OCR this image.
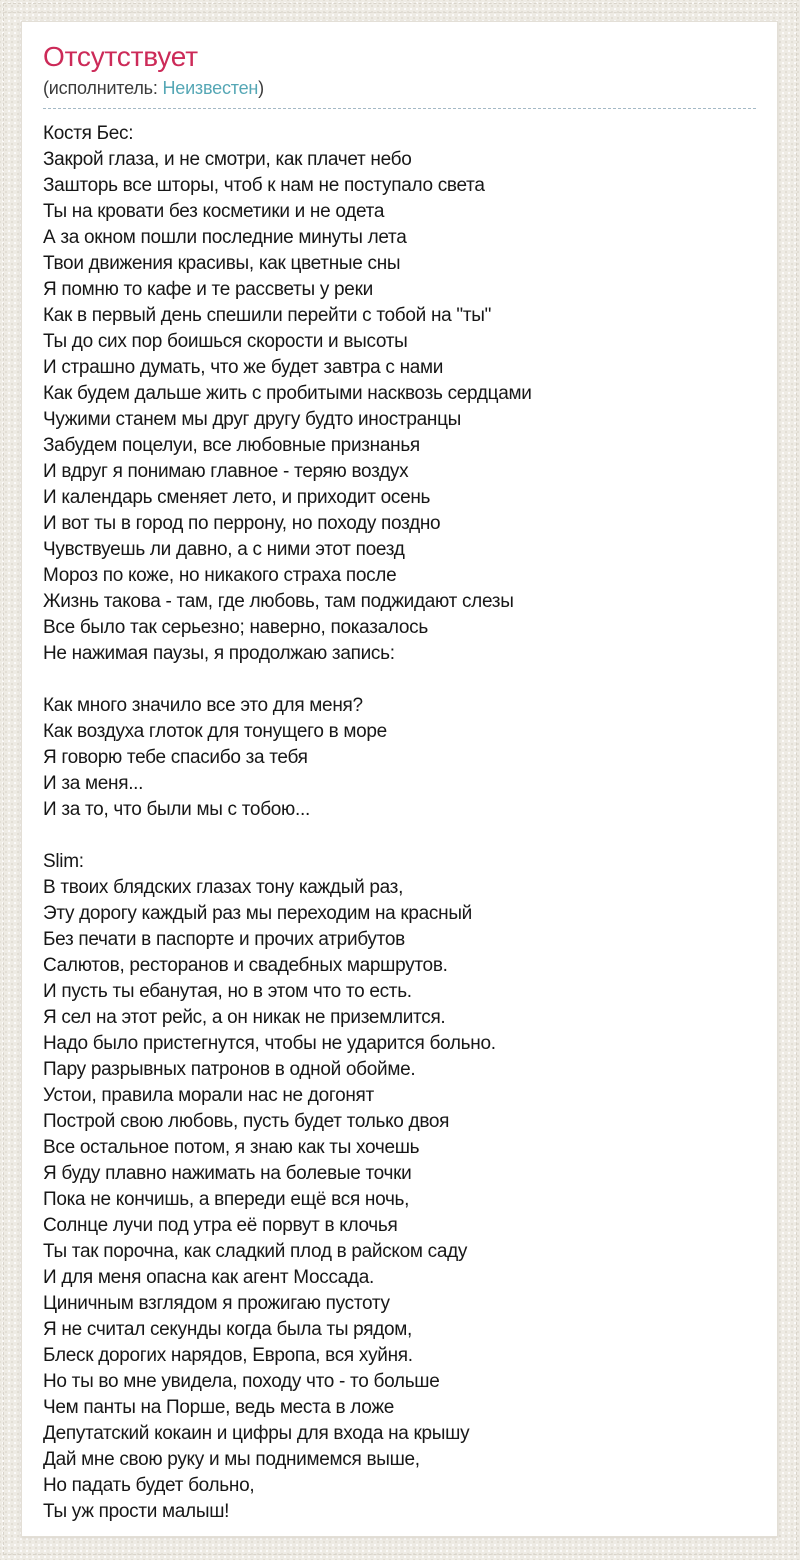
Отсутствует
(исполнитель: Неизвестен)
Костя Бес:
Закрой глаза, и не смотри, как плачет небо
Зашторь все шторы, чтоб к нам не поступало света
Ты на кровати без косметики и не одета
А за окном пошли последние минуты лета
Твои движения красивы, как цветные сны
Я помню то кафе и те рассветы у реки
Как в первый день спешили перейти с тобой на "ты"
Ты до сих пор боишься скорости и высоты
И страшно думать, что же будет завтра с нами
Как будем дальше жить с пробитыми насквозь сердцами
Чужими станем мы друг другу будто иностранцы
Забудем поцелуи, все любовные признанья
И вдруг я понимаю главное - теряю воздух
И календарь сменяет лето, и приходит осень
И вот ты в город по перрону, но походу поздно
Чувствуешь ли давно, а с ними этот поезд
Мороз по коже, но никакого страха после
Жизнь такова - там, где любовь, там поджидают слезы
Все было так серьезно; наверно, показалось
Не нажимая паузы, я продолжаю запись:
Как много значило все это для меня?
Как воздуха глоток для тонущего в море
Я говорю тебе спасибо за тебя
И за меня...
И за то, что были мы с тобою...
Slim:
В твоих блядских глазах тону каждый раз,
Эту дорогу каждый раз мы переходим на красный
Без печати в паспорте и прочих атрибутов
Салютов, ресторанов и свадебных маршрутов.
И пусть ты ебанутая, но в этом что то есть.
Я сел на этот рейс, а он никак не приземлится.
Надо было пристегнутся, чтобы не ударится больно.
Пару разрывных патронов в одной обойме.
Устои, правила морали нас не догонят
Построй свою любовь, пусть будет только двоя
Все остальное потом, я знаю как ты хочешь
Я буду плавно нажимать на болевые точки
Пока не кончишь, а впереди ещё вся ночь,
Солнце лучи под утра её порвут в клочья
Ты так порочна, как сладкий плод в райском саду
И для меня опасна как агент Моссада.
Циничным взглядом я прожигаю пустоту
Я не считал секунды когда была ты рядом,
Блеск дорогих нарядов, Европа, вся хуйня.
Но ты во мне увидела, походу что - то больше
Чем панты на Порше, ведь места в ложе
Депутатский кокаин и цифры для входа на крышу
Дай мне свою руку и мы поднимемся выше,
Но падать будет больно,
Ты уж прости малыш!
